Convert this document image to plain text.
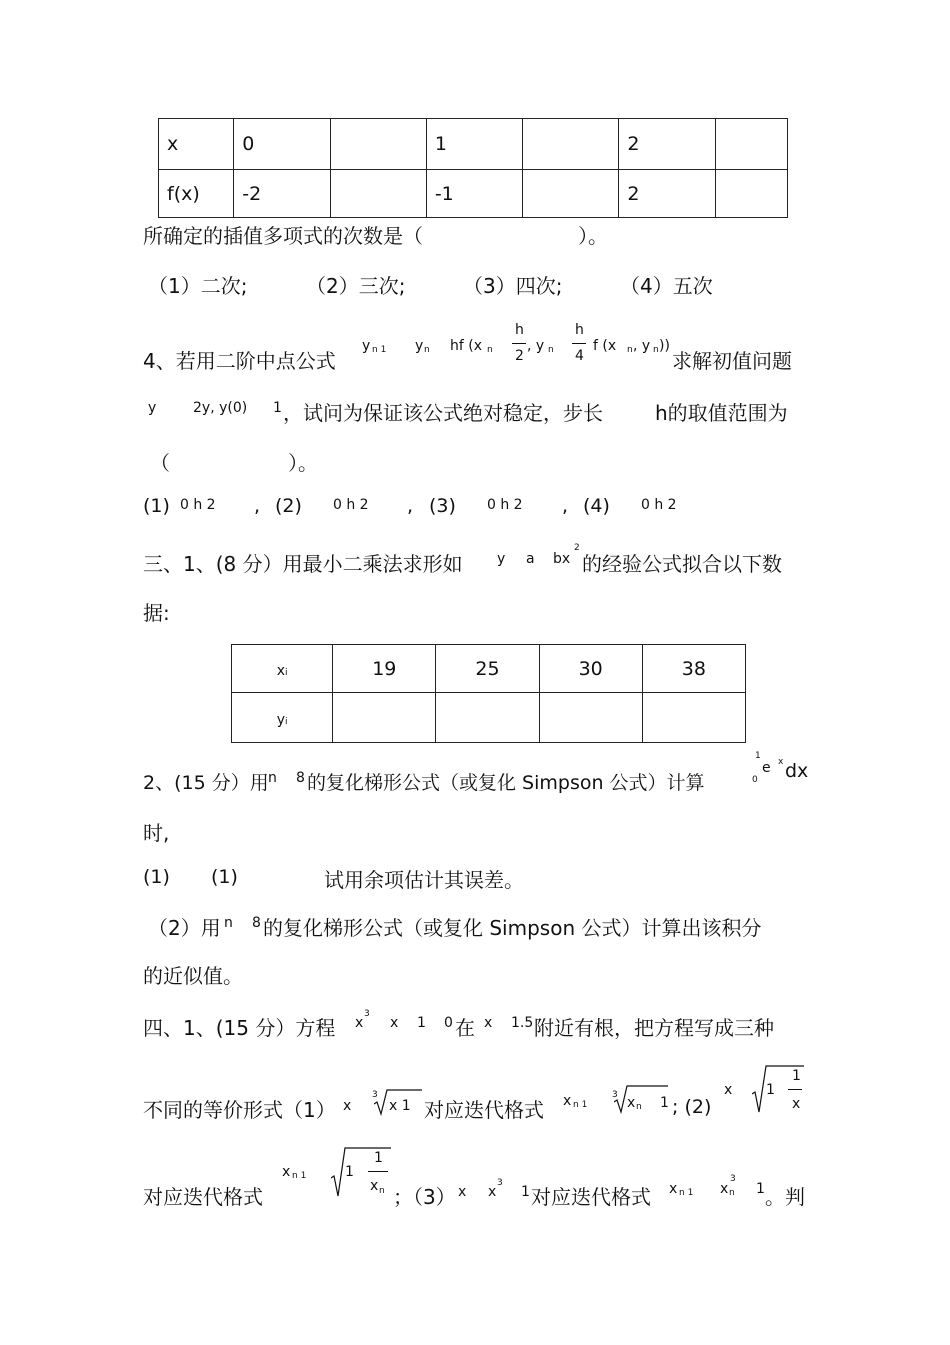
x	0		1		2	
f(x)	-2		-1		2	
所确定的插值多项式的次数是（	）。
（1）二次;	（2）三次;	（3）四次;	（4）五次
4、若用二阶中点公式
y n 1 y n hf (x n
h
2
, y n
h
4
f (x n , y n ))
求解初值问题
y	2y, y(0) 1 ，试问为保证该公式绝对稳定，步长	h的取值范围为
（	）。
(1) 0 h 2 , (2) 0 h 2 , (3) 0 h 2 , (4) 0 h 2
三、1、(8 分）用最小二乘法求形如 y a bx
2
的经验公式拟合以下数
据:
xi	19	25	30	38
yi				
2、(15 分）用 n 8 的复化梯形公式（或复化 Simpson 公式）计算
1
0
e x dx
时,
(1) (1)	试用余项估计其误差。
（2）用 n 8 的复化梯形公式（或复化 Simpson 公式）计算出该积分
的近似值。
四、1、(15 分）方程 x
3
x 1 0 在 x 1.5 附近有根，把方程写成三种
不同的等价形式（1） x
3
x 1 对应迭代格式 x n 1
3 x n 1 ; (2)
x 1
1
x
对应迭代格式
x n 1	1
1
x n ；（3） x x
3
1 对应迭代格式 x n 1 x
3
n 1 。判
